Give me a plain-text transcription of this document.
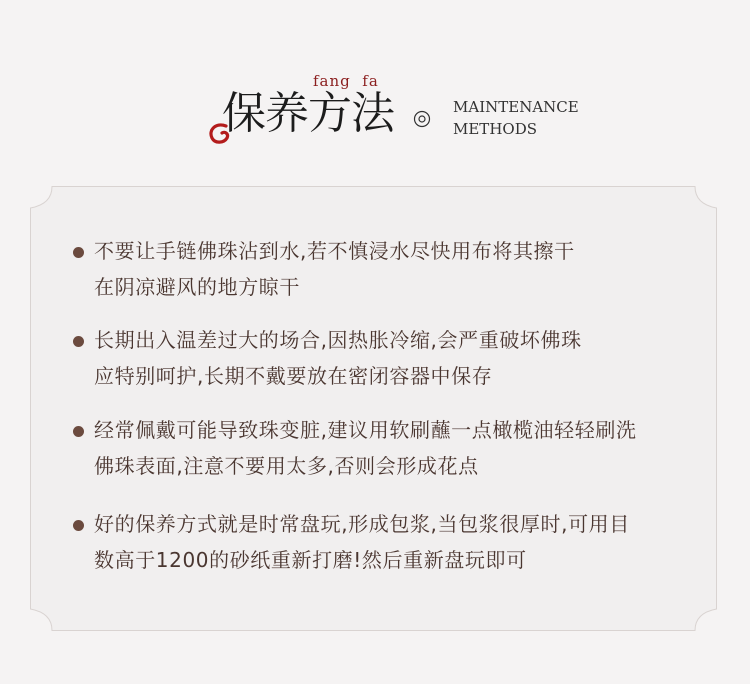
fang  fa
保养方法	MAINTENANCE
METHODS
不要让手链佛珠沾到水,若不慎浸水尽快用布将其擦干
在阴凉避风的地方晾干
长期出入温差过大的场合,因热胀冷缩,会严重破坏佛珠
应特别呵护,长期不戴要放在密闭容器中保存
经常佩戴可能导致珠变脏,建议用软刷蘸一点橄榄油轻轻刷洗
佛珠表面,注意不要用太多,否则会形成花点
好的保养方式就是时常盘玩,形成包浆,当包浆很厚时,可用目
数高于1200的砂纸重新打磨!然后重新盘玩即可
